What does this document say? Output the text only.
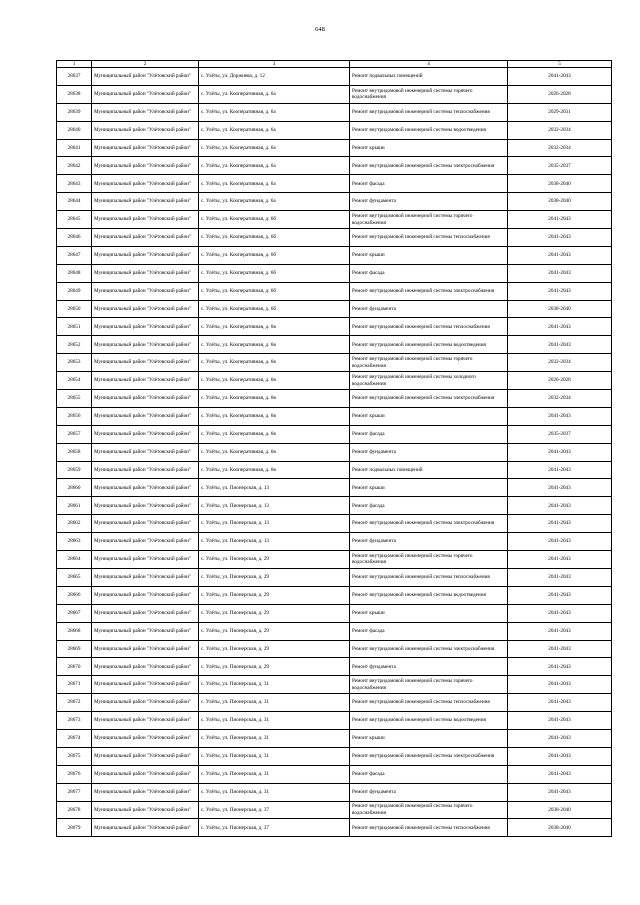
648
1	2	3	4	5
28637	Муниципальный район "Улётовский район"	с. Улёты, ул. Доржиева, д. 12	Ремонт подвальных помещений	2041-2043
28638	Муниципальный район "Улётовский район"	с. Улёты, ул. Кооперативная, д. 6а	Ремонт внутридомовой инженерной системы горячего водоснабжения	2026-2028
28639	Муниципальный район "Улётовский район"	с. Улёты, ул. Кооперативная, д. 6а	Ремонт внутридомовой инженерной системы теплоснабжения	2029-2031
28640	Муниципальный район "Улётовский район"	с. Улёты, ул. Кооперативная, д. 6а	Ремонт внутридомовой инженерной системы водоотведения	2032-2034
28641	Муниципальный район "Улётовский район"	с. Улёты, ул. Кооперативная, д. 6а	Ремонт крыши	2032-2034
28642	Муниципальный район "Улётовский район"	с. Улёты, ул. Кооперативная, д. 6а	Ремонт внутридомовой инженерной системы электроснабжения	2035-2037
28643	Муниципальный район "Улётовский район"	с. Улёты, ул. Кооперативная, д. 6а	Ремонт фасада	2038-2040
28644	Муниципальный район "Улётовский район"	с. Улёты, ул. Кооперативная, д. 6а	Ремонт фундамента	2038-2040
28645	Муниципальный район "Улётовский район"	с. Улёты, ул. Кооперативная, д. 6б	Ремонт внутридомовой инженерной системы горячего водоснабжения	2041-2043
28646	Муниципальный район "Улётовский район"	с. Улёты, ул. Кооперативная, д. 6б	Ремонт внутридомовой инженерной системы теплоснабжения	2041-2043
28647	Муниципальный район "Улётовский район"	с. Улёты, ул. Кооперативная, д. 6б	Ремонт крыши	2041-2043
28648	Муниципальный район "Улётовский район"	с. Улёты, ул. Кооперативная, д. 6б	Ремонт фасада	2041-2043
28649	Муниципальный район "Улётовский район"	с. Улёты, ул. Кооперативная, д. 6б	Ремонт внутридомовой инженерной системы электроснабжения	2041-2043
28650	Муниципальный район "Улётовский район"	с. Улёты, ул. Кооперативная, д. 6б	Ремонт фундамента	2038-2040
28651	Муниципальный район "Улётовский район"	с. Улёты, ул. Кооперативная, д. 6в	Ремонт внутридомовой инженерной системы теплоснабжения	2041-2043
28652	Муниципальный район "Улётовский район"	с. Улёты, ул. Кооперативная, д. 6в	Ремонт внутридомовой инженерной системы водоотведения	2041-2043
28653	Муниципальный район "Улётовский район"	с. Улёты, ул. Кооперативная, д. 6в	Ремонт внутридомовой инженерной системы горячего водоснабжения	2032-2034
28654	Муниципальный район "Улётовский район"	с. Улёты, ул. Кооперативная, д. 6в	Ремонт внутридомовой инженерной системы холодного водоснабжения	2026-2028
28655	Муниципальный район "Улётовский район"	с. Улёты, ул. Кооперативная, д. 6в	Ремонт внутридомовой инженерной системы электроснабжения	2032-2034
28656	Муниципальный район "Улётовский район"	с. Улёты, ул. Кооперативная, д. 6в	Ремонт крыши	2041-2043
28657	Муниципальный район "Улётовский район"	с. Улёты, ул. Кооперативная, д. 6в	Ремонт фасада	2035-2037
28658	Муниципальный район "Улётовский район"	с. Улёты, ул. Кооперативная, д. 6в	Ремонт фундамента	2041-2043
28659	Муниципальный район "Улётовский район"	с. Улёты, ул. Кооперативная, д. 6в	Ремонт подвальных помещений	2041-2043
28660	Муниципальный район "Улётовский район"	с. Улёты, ул. Пионерская, д. 13	Ремонт крыши	2041-2043
28661	Муниципальный район "Улётовский район"	с. Улёты, ул. Пионерская, д. 13	Ремонт фасада	2041-2043
28662	Муниципальный район "Улётовский район"	с. Улёты, ул. Пионерская, д. 13	Ремонт внутридомовой инженерной системы электроснабжения	2041-2043
28663	Муниципальный район "Улётовский район"	с. Улёты, ул. Пионерская, д. 13	Ремонт фундамента	2041-2043
28664	Муниципальный район "Улётовский район"	с. Улёты, ул. Пионерская, д. 29	Ремонт внутридомовой инженерной системы горячего водоснабжения	2041-2043
28665	Муниципальный район "Улётовский район"	с. Улёты, ул. Пионерская, д. 29	Ремонт внутридомовой инженерной системы теплоснабжения	2041-2043
28666	Муниципальный район "Улётовский район"	с. Улёты, ул. Пионерская, д. 29	Ремонт внутридомовой инженерной системы водоотведения	2041-2043
28667	Муниципальный район "Улётовский район"	с. Улёты, ул. Пионерская, д. 29	Ремонт крыши	2041-2043
28668	Муниципальный район "Улётовский район"	с. Улёты, ул. Пионерская, д. 29	Ремонт фасада	2041-2043
28669	Муниципальный район "Улётовский район"	с. Улёты, ул. Пионерская, д. 29	Ремонт внутридомовой инженерной системы электроснабжения	2041-2043
28670	Муниципальный район "Улётовский район"	с. Улёты, ул. Пионерская, д. 29	Ремонт фундамента	2041-2043
28671	Муниципальный район "Улётовский район"	с. Улёты, ул. Пионерская, д. 31	Ремонт внутридомовой инженерной системы горячего водоснабжения	2041-2043
28672	Муниципальный район "Улётовский район"	с. Улёты, ул. Пионерская, д. 31	Ремонт внутридомовой инженерной системы теплоснабжения	2041-2043
28673	Муниципальный район "Улётовский район"	с. Улёты, ул. Пионерская, д. 31	Ремонт внутридомовой инженерной системы водоотведения	2041-2043
28674	Муниципальный район "Улётовский район"	с. Улёты, ул. Пионерская, д. 31	Ремонт крыши	2041-2043
28675	Муниципальный район "Улётовский район"	с. Улёты, ул. Пионерская, д. 31	Ремонт внутридомовой инженерной системы электроснабжения	2041-2043
28676	Муниципальный район "Улётовский район"	с. Улёты, ул. Пионерская, д. 31	Ремонт фасада	2041-2043
28677	Муниципальный район "Улётовский район"	с. Улёты, ул. Пионерская, д. 31	Ремонт фундамента	2041-2043
28678	Муниципальный район "Улётовский район"	с. Улёты, ул. Пионерская, д. 37	Ремонт внутридомовой инженерной системы горячего водоснабжения	2038-2040
28679	Муниципальный район "Улётовский район"	с. Улёты, ул. Пионерская, д. 37	Ремонт внутридомовой инженерной системы теплоснабжения	2038-2040
